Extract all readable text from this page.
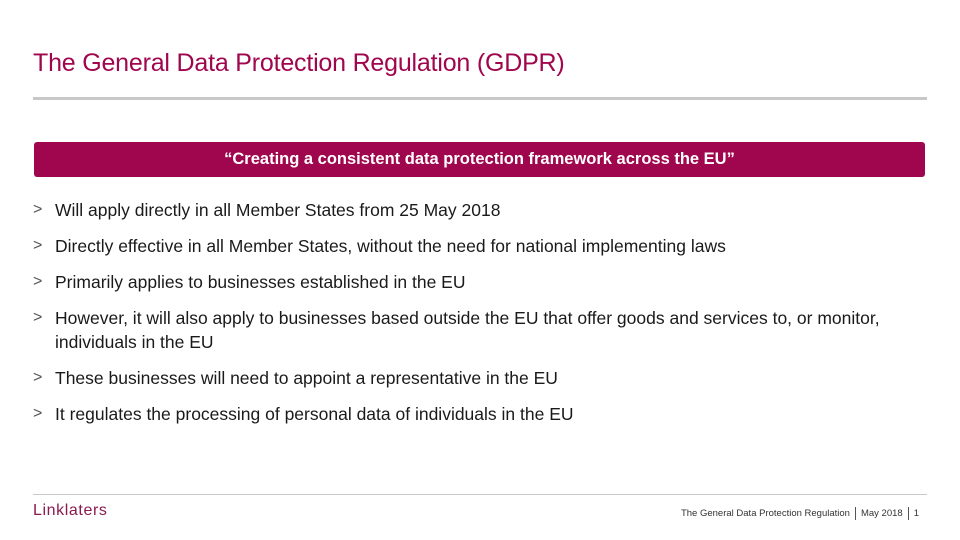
The General Data Protection Regulation (GDPR)
“Creating a consistent data protection framework across the EU”
> Will apply directly in all Member States from 25 May 2018
> Directly effective in all Member States, without the need for national implementing laws
> Primarily applies to businesses established in the EU
> However, it will also apply to businesses based outside the EU that offer goods and services to, or monitor, individuals in the EU
> These businesses will need to appoint a representative in the EU
> It regulates the processing of personal data of individuals in the EU
Linklaters	The General Data Protection Regulation May 2018 1
